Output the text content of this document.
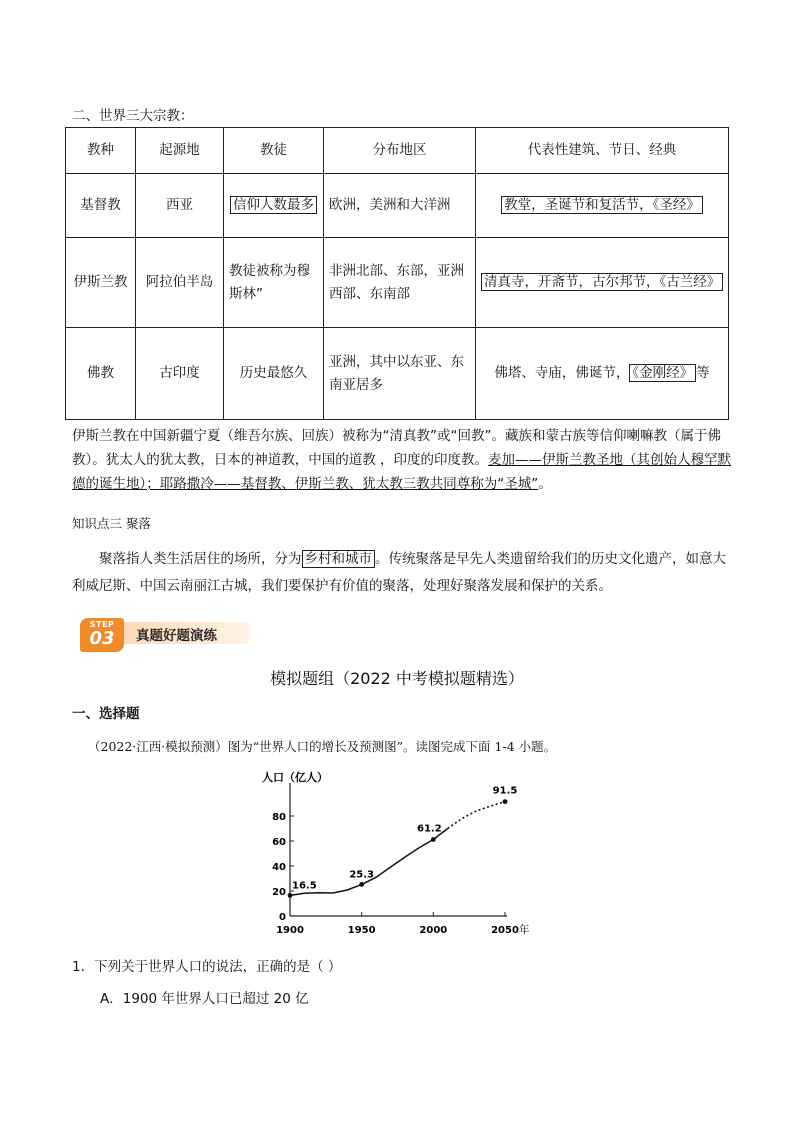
二、世界三大宗教：
教种	起源地	教徒	分布地区	代表性建筑、节日、经典
基督教	西亚	信仰人数最多	欧洲，美洲和大洋洲	教堂，圣诞节和复活节，《圣经》
伊斯兰教	阿拉伯半岛	教徒被称为穆斯林”	非洲北部、东部，亚洲西部、东南部	清真寺，开斋节，古尔邦节，《古兰经》
佛教	古印度	历史最悠久	亚洲，其中以东亚、东南亚居多	佛塔、寺庙，佛诞节， 《金刚经》 等
伊斯兰教在中国新疆宁夏（维吾尔族、回族）被称为“清真教”或“回教”。藏族和蒙古族等信仰喇嘛教（属于佛教）。犹太人的犹太教，日本的神道教，中国的道教 ，印度的印度教。麦加——伊斯兰教圣地（其创始人穆罕默德的诞生地）；耶路撒冷——基督教、伊斯兰教、犹太教三教共同尊称为“圣城”。
知识点三 聚落
聚落指人类生活居住的场所，分为 乡村和城市 。传统聚落是早先人类遗留给我们的历史文化遗产，如意大利威尼斯、中国云南丽江古城，我们要保护有价值的聚落，处理好聚落发展和保护的关系。
STEP
03	真题好题演练
模拟题组（2022 中考模拟题精选）
一、选择题
（2022·江西·模拟预测）图为“世界人口的增长及预测图”。读图完成下面 1-4 小题。
0
20
40
60
80
1900	1950	2000	2050 年
人口（亿人）
16.5
25.3
61.2
91.5
1．下列关于世界人口的说法，正确的是（ ）
A．1900 年世界人口已超过 20 亿
